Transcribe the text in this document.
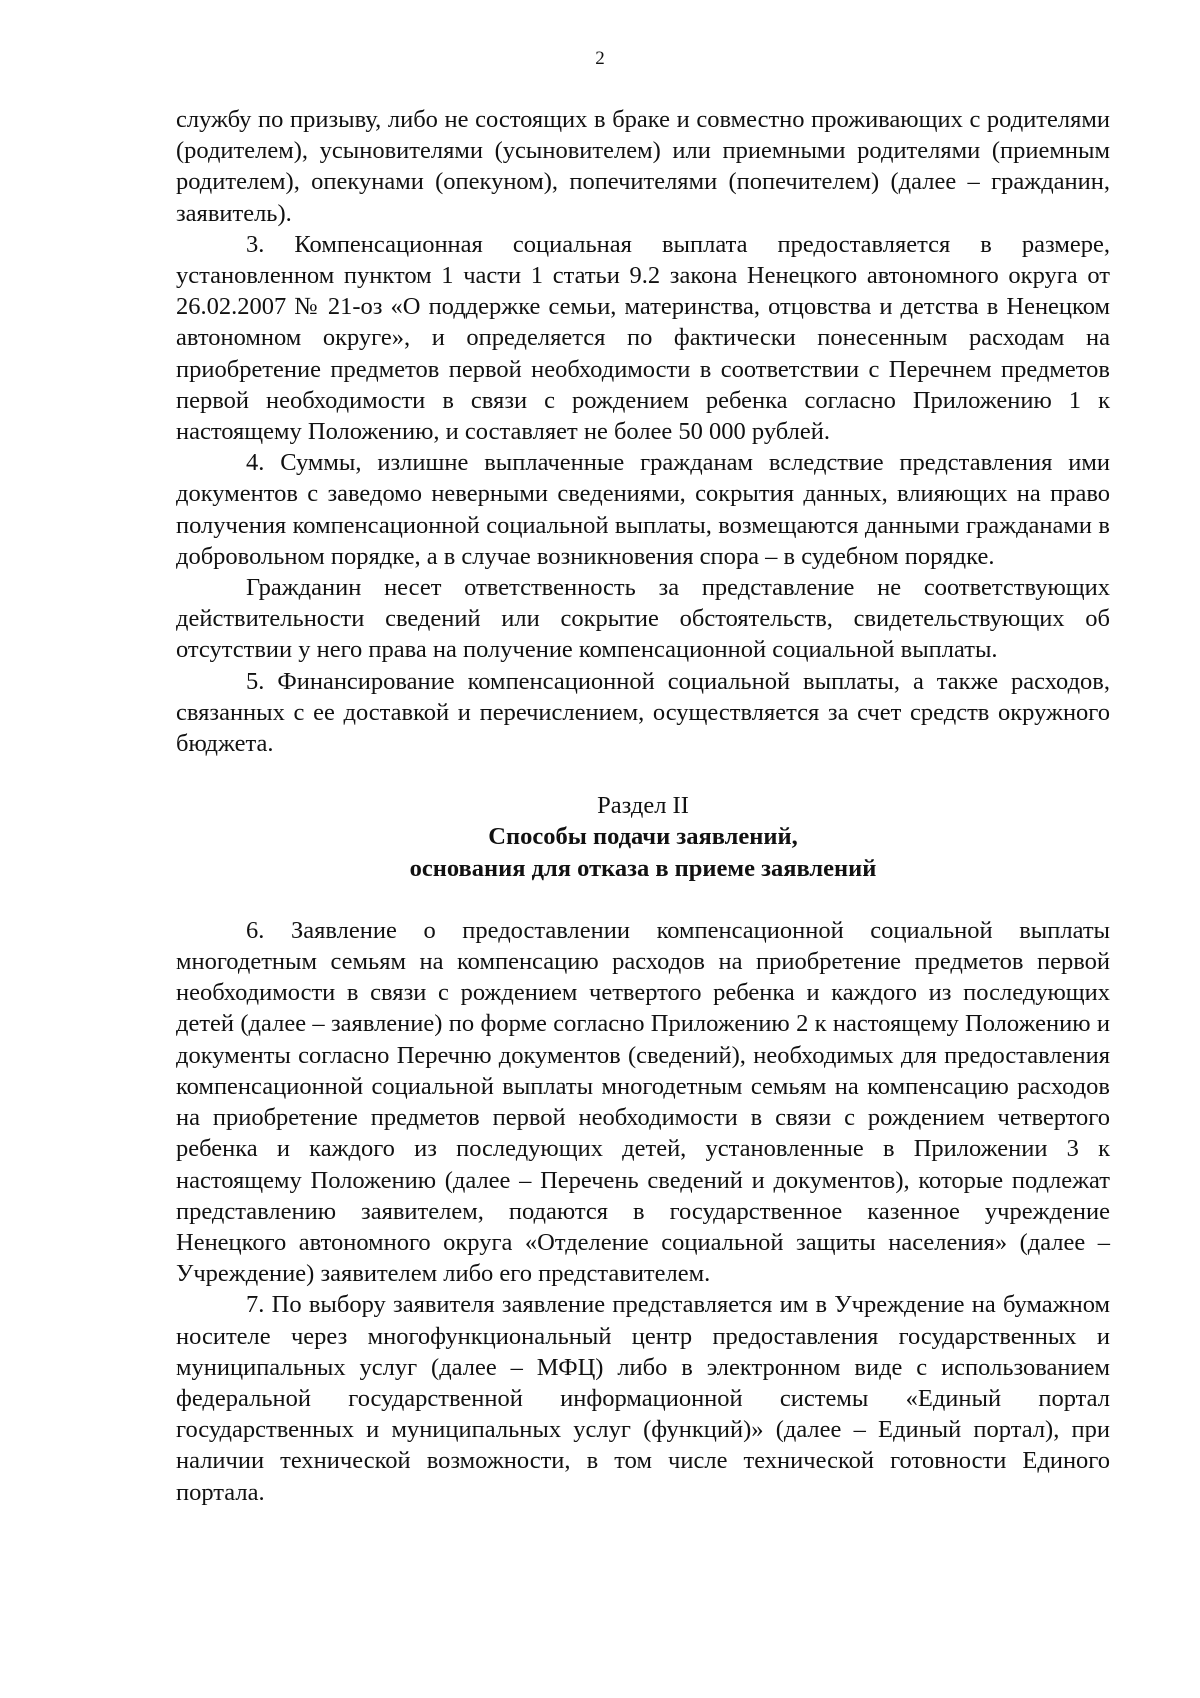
2

службу по призыву, либо не состоящих в браке и совместно проживающих с родителями (родителем), усыновителями (усыновителем) или приемными родителями (приемным родителем), опекунами (опекуном), попечителями (попечителем) (далее – гражданин, заявитель).

3. Компенсационная социальная выплата предоставляется в размере, установленном пунктом 1 части 1 статьи 9.2 закона Ненецкого автономного округа от 26.02.2007 № 21-оз «О поддержке семьи, материнства, отцовства и детства в Ненецком автономном округе», и определяется по фактически понесенным расходам на приобретение предметов первой необходимости в соответствии с Перечнем предметов первой необходимости в связи с рождением ребенка согласно Приложению 1 к настоящему Положению, и составляет не более 50 000 рублей.

4. Суммы, излишне выплаченные гражданам вследствие представления ими документов с заведомо неверными сведениями, сокрытия данных, влияющих на право получения компенсационной социальной выплаты, возмещаются данными гражданами в добровольном порядке, а в случае возникновения спора – в судебном порядке.

Гражданин несет ответственность за представление не соответствующих действительности сведений или сокрытие обстоятельств, свидетельствующих об отсутствии у него права на получение компенсационной социальной выплаты.

5. Финансирование компенсационной социальной выплаты, а также расходов, связанных с ее доставкой и перечислением, осуществляется за счет средств окружного бюджета.

Раздел II
Способы подачи заявлений,
основания для отказа в приеме заявлений

6. Заявление о предоставлении компенсационной социальной выплаты многодетным семьям на компенсацию расходов на приобретение предметов первой необходимости в связи с рождением четвертого ребенка и каждого из последующих детей (далее – заявление) по форме согласно Приложению 2 к настоящему Положению и документы согласно Перечню документов (сведений), необходимых для предоставления компенсационной социальной выплаты многодетным семьям на компенсацию расходов на приобретение предметов первой необходимости в связи с рождением четвертого ребенка и каждого из последующих детей, установленные в Приложении 3 к настоящему Положению (далее – Перечень сведений и документов), которые подлежат представлению заявителем, подаются в государственное казенное учреждение Ненецкого автономного округа «Отделение социальной защиты населения» (далее – Учреждение) заявителем либо его представителем.

7. По выбору заявителя заявление представляется им в Учреждение на бумажном носителе через многофункциональный центр предоставления государственных и муниципальных услуг (далее – МФЦ) либо в электронном виде с использованием федеральной государственной информационной системы «Единый портал государственных и муниципальных услуг (функций)» (далее – Единый портал), при наличии технической возможности, в том числе технической готовности Единого портала.
